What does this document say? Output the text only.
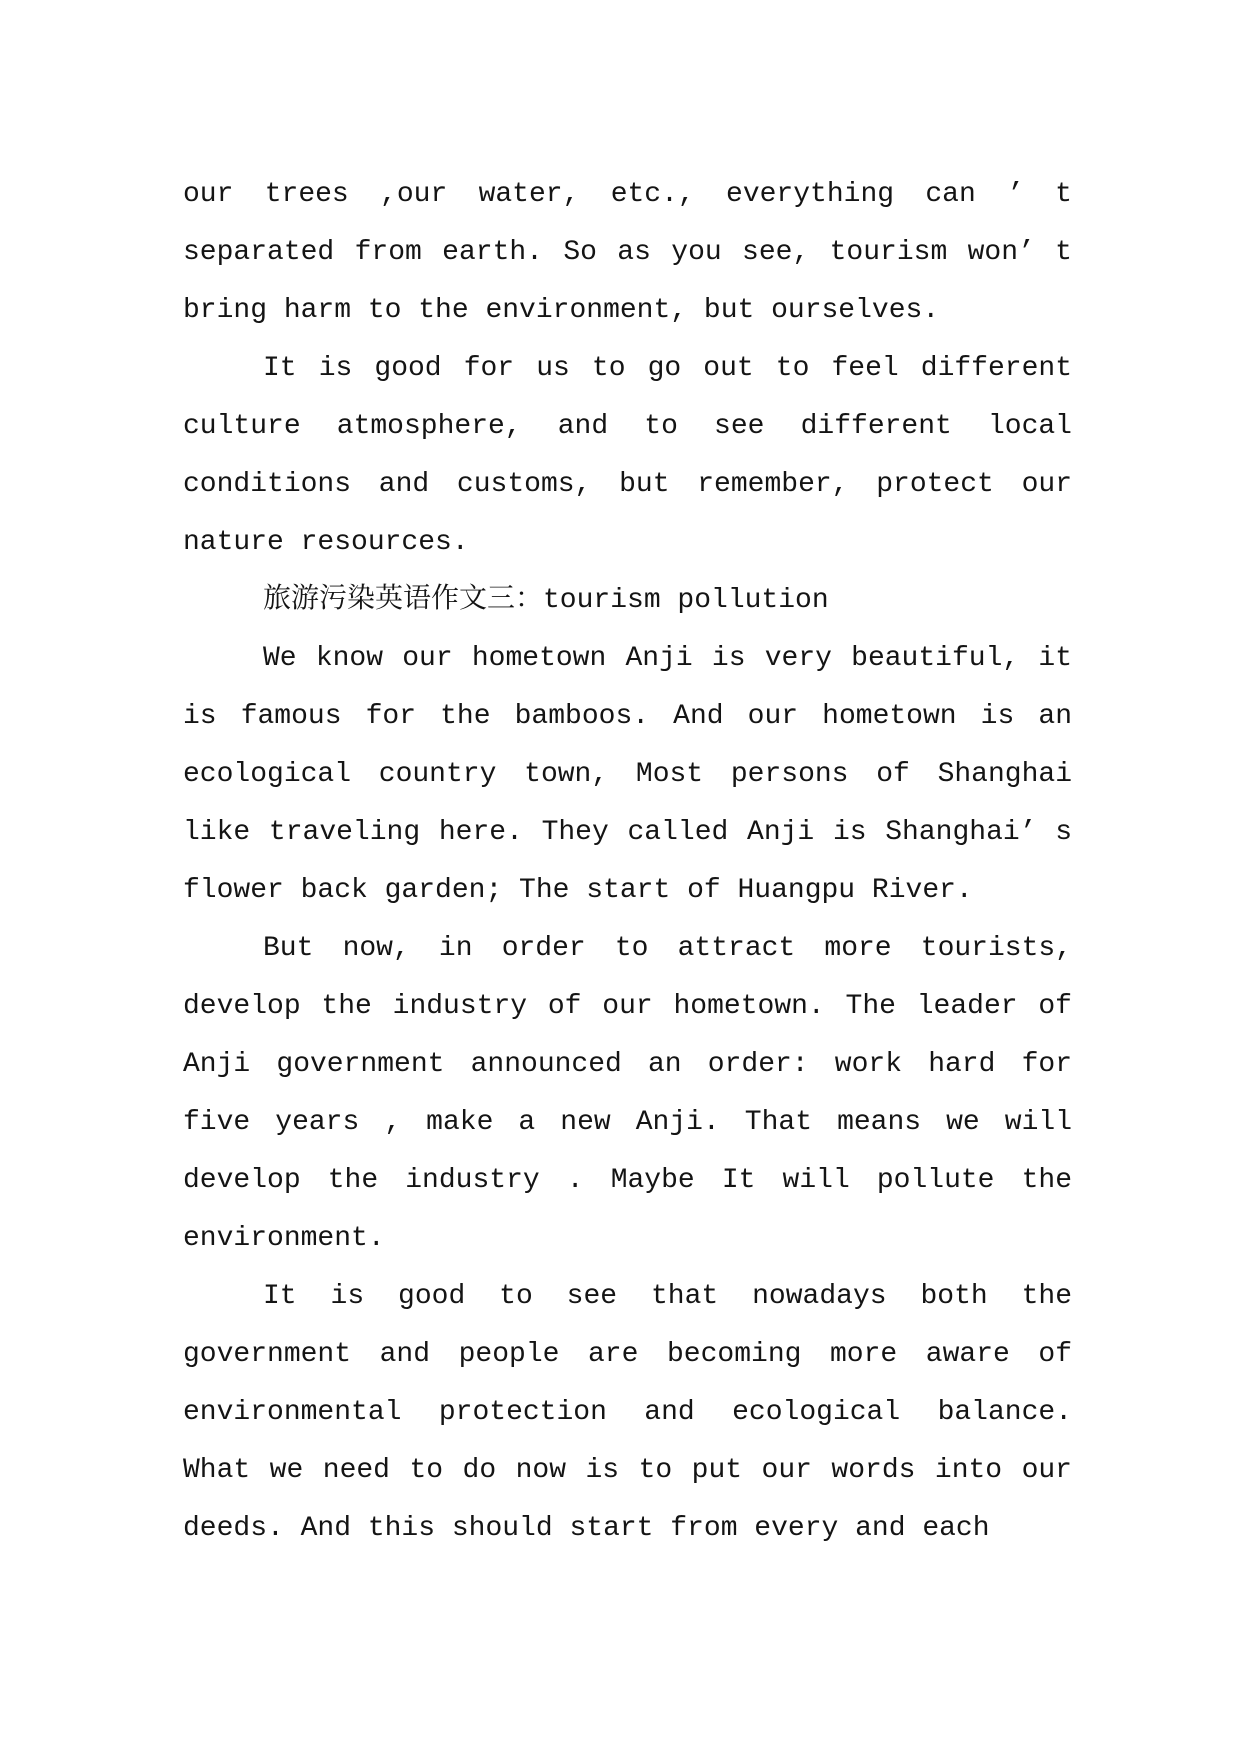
our trees ,our water, etc., everything can ’ t
separated from earth. So as you see, tourism won’ t
bring harm to the environment, but ourselves.
It is good for us to go out to feel different
culture atmosphere, and to see different local
conditions and customs, but remember, protect our
nature resources.
旅游污染英语作文三：tourism pollution
We know our hometown Anji is very beautiful, it
is famous for the bamboos. And our hometown is an
ecological country town, Most persons of Shanghai
like traveling here. They called Anji is Shanghai’ s
flower back garden; The start of Huangpu River.
But now, in order to attract more tourists,
develop the industry of our hometown. The leader of
Anji government announced an order: work hard for
five years , make a new Anji. That means we will
develop the industry . Maybe It will pollute the
environment.
It is good to see that nowadays both the
government and people are becoming more aware of
environmental protection and ecological balance.
What we need to do now is to put our words into our
deeds. And this should start from every and each
